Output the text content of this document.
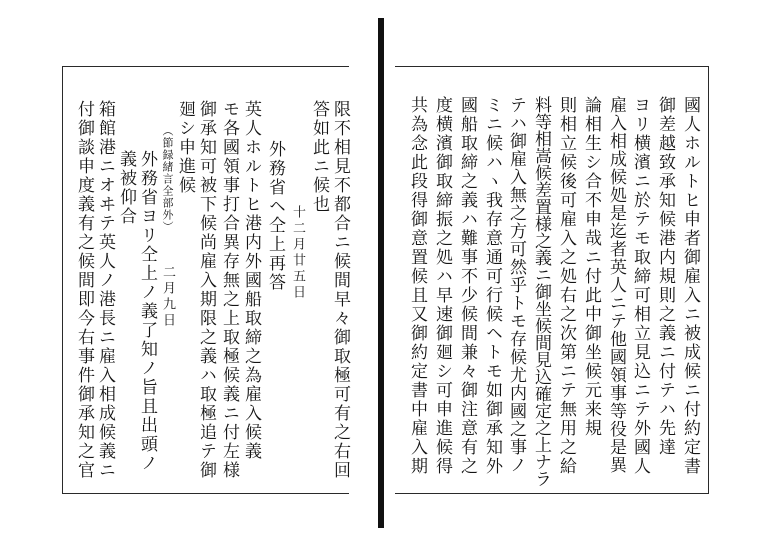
限不相見不都合ニ候間早々御取極可有之右回
答如此ニ候也
十二月廿五日
外務省ヘ仝上再答
英人ホルトヒ港内外國船取締之為雇入候義
モ各國領事打合異存無之上取極候義ニ付左様
御承知可被下候尚雇入期限之義ハ取極追テ御
廻シ申進候
（節録緒言全部外）
二月九日
外務省ヨリ仝上ノ義了知ノ旨且出頭ノ
義被仰合
箱館港ニオヰテ英人ノ港長ニ雇入相成候義ニ
付御談申度義有之候間即今右事件御承知之官	國人ホルトヒ申者御雇入ニ被成候ニ付約定書
御差越致承知候港内規則之義ニ付テハ先達
ヨリ横濱ニ於テモ取締可相立見込ニテ外國人
雇入相成候処是迄者英人ニテ他國領事等役是異
論相生シ合不申哉ニ付此中御坐候元来規
則相立候後可雇入之処右之次第ニテ無用之給
料等相嵩候差置様之義ニ御坐候間見込確定之上ナラ
テハ御雇入無之方可然乎トモ存候尤内國之事ノ
ミニ候ハヽ我存意通可行候ヘトモ如御承知外
國船取締之義ハ難事不少候間兼々御注意有之
度横濱御取締振之処ハ早速御廻シ可申進候得
共為念此段得御意置候且又御約定書中雇入期
